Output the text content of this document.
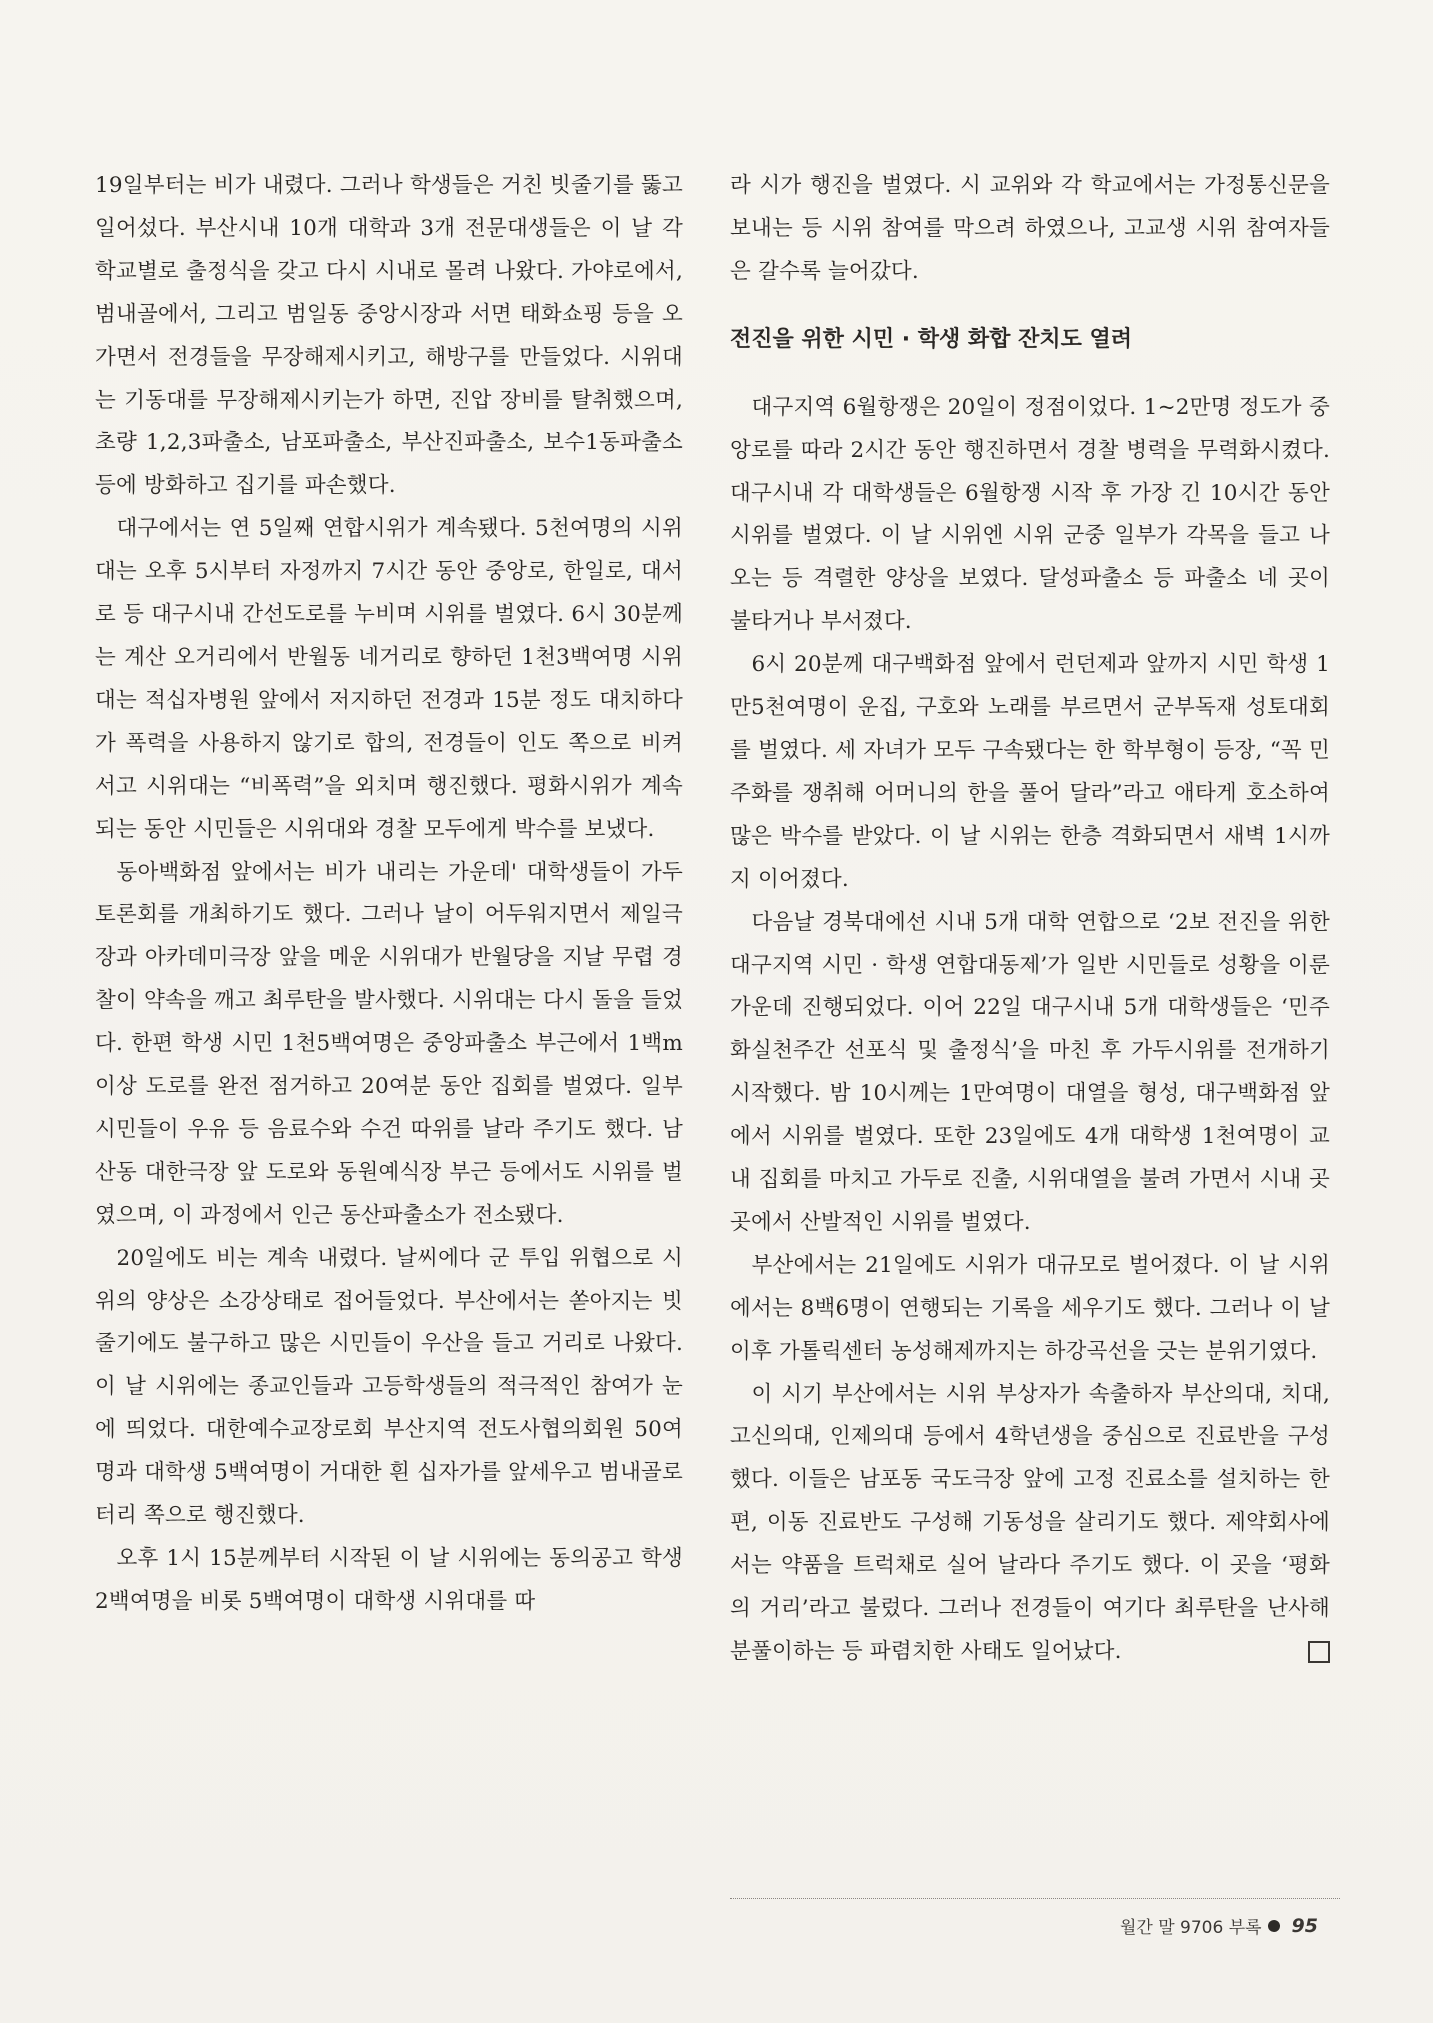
19일부터는 비가 내렸다. 그러나 학생들은 거친 빗줄기를 뚫고 일어섰다. 부산시내 10개 대학과 3개 전문대생들은 이 날 각 학교별로 출정식을 갖고 다시 시내로 몰려 나왔다. 가야로에서, 범내골에서, 그리고 범일동 중앙시장과 서면 태화쇼핑 등을 오가면서 전경들을 무장해제시키고, 해방구를 만들었다. 시위대는 기동대를 무장해제시키는가 하면, 진압 장비를 탈취했으며, 초량 1,2,3파출소, 남포파출소, 부산진파출소, 보수1동파출소 등에 방화하고 집기를 파손했다.

대구에서는 연 5일째 연합시위가 계속됐다. 5천여명의 시위대는 오후 5시부터 자정까지 7시간 동안 중앙로, 한일로, 대서로 등 대구시내 간선도로를 누비며 시위를 벌였다. 6시 30분께는 계산 오거리에서 반월동 네거리로 향하던 1천3백여명 시위대는 적십자병원 앞에서 저지하던 전경과 15분 정도 대치하다가 폭력을 사용하지 않기로 합의, 전경들이 인도 쪽으로 비켜 서고 시위대는 “비폭력”을 외치며 행진했다. 평화시위가 계속되는 동안 시민들은 시위대와 경찰 모두에게 박수를 보냈다.

동아백화점 앞에서는 비가 내리는 가운데' 대학생들이 가두 토론회를 개최하기도 했다. 그러나 날이 어두워지면서 제일극장과 아카데미극장 앞을 메운 시위대가 반월당을 지날 무렵 경찰이 약속을 깨고 최루탄을 발사했다. 시위대는 다시 돌을 들었다. 한편 학생 시민 1천5백여명은 중앙파출소 부근에서 1백m 이상 도로를 완전 점거하고 20여분 동안 집회를 벌였다. 일부 시민들이 우유 등 음료수와 수건 따위를 날라 주기도 했다. 남산동 대한극장 앞 도로와 동원예식장 부근 등에서도 시위를 벌였으며, 이 과정에서 인근 동산파출소가 전소됐다.

20일에도 비는 계속 내렸다. 날씨에다 군 투입 위협으로 시위의 양상은 소강상태로 접어들었다. 부산에서는 쏟아지는 빗줄기에도 불구하고 많은 시민들이 우산을 들고 거리로 나왔다. 이 날 시위에는 종교인들과 고등학생들의 적극적인 참여가 눈에 띄었다. 대한예수교장로회 부산지역 전도사협의회원 50여명과 대학생 5백여명이 거대한 흰 십자가를 앞세우고 범내골로터리 쪽으로 행진했다.

오후 1시 15분께부터 시작된 이 날 시위에는 동의공고 학생 2백여명을 비롯 5백여명이 대학생 시위대를 따

라 시가 행진을 벌였다. 시 교위와 각 학교에서는 가정통신문을 보내는 등 시위 참여를 막으려 하였으나, 고교생 시위 참여자들은 갈수록 늘어갔다.

전진을 위한 시민 · 학생 화합 잔치도 열려

대구지역 6월항쟁은 20일이 정점이었다. 1~2만명 정도가 중앙로를 따라 2시간 동안 행진하면서 경찰 병력을 무력화시켰다. 대구시내 각 대학생들은 6월항쟁 시작 후 가장 긴 10시간 동안 시위를 벌였다. 이 날 시위엔 시위 군중 일부가 각목을 들고 나오는 등 격렬한 양상을 보였다. 달성파출소 등 파출소 네 곳이 불타거나 부서졌다.

6시 20분께 대구백화점 앞에서 런던제과 앞까지 시민 학생 1만5천여명이 운집, 구호와 노래를 부르면서 군부독재 성토대회를 벌였다. 세 자녀가 모두 구속됐다는 한 학부형이 등장, “꼭 민주화를 쟁취해 어머니의 한을 풀어 달라”라고 애타게 호소하여 많은 박수를 받았다. 이 날 시위는 한층 격화되면서 새벽 1시까지 이어졌다.

다음날 경북대에선 시내 5개 대학 연합으로 ‘2보 전진을 위한 대구지역 시민 · 학생 연합대동제’가 일반 시민들로 성황을 이룬 가운데 진행되었다. 이어 22일 대구시내 5개 대학생들은 ‘민주화실천주간 선포식 및 출정식’을 마친 후 가두시위를 전개하기 시작했다. 밤 10시께는 1만여명이 대열을 형성, 대구백화점 앞에서 시위를 벌였다. 또한 23일에도 4개 대학생 1천여명이 교내 집회를 마치고 가두로 진출, 시위대열을 불려 가면서 시내 곳곳에서 산발적인 시위를 벌였다.

부산에서는 21일에도 시위가 대규모로 벌어졌다. 이 날 시위에서는 8백6명이 연행되는 기록을 세우기도 했다. 그러나 이 날 이후 가톨릭센터 농성해제까지는 하강곡선을 긋는 분위기였다.

이 시기 부산에서는 시위 부상자가 속출하자 부산의대, 치대, 고신의대, 인제의대 등에서 4학년생을 중심으로 진료반을 구성했다. 이들은 남포동 국도극장 앞에 고정 진료소를 설치하는 한편, 이동 진료반도 구성해 기동성을 살리기도 했다. 제약회사에서는 약품을 트럭채로 실어 날라다 주기도 했다. 이 곳을 ‘평화의 거리’라고 불렀다. 그러나 전경들이 여기다 최루탄을 난사해 분풀이하는 등 파렴치한 사태도 일어났다.

월간 말 9706 부록 95
